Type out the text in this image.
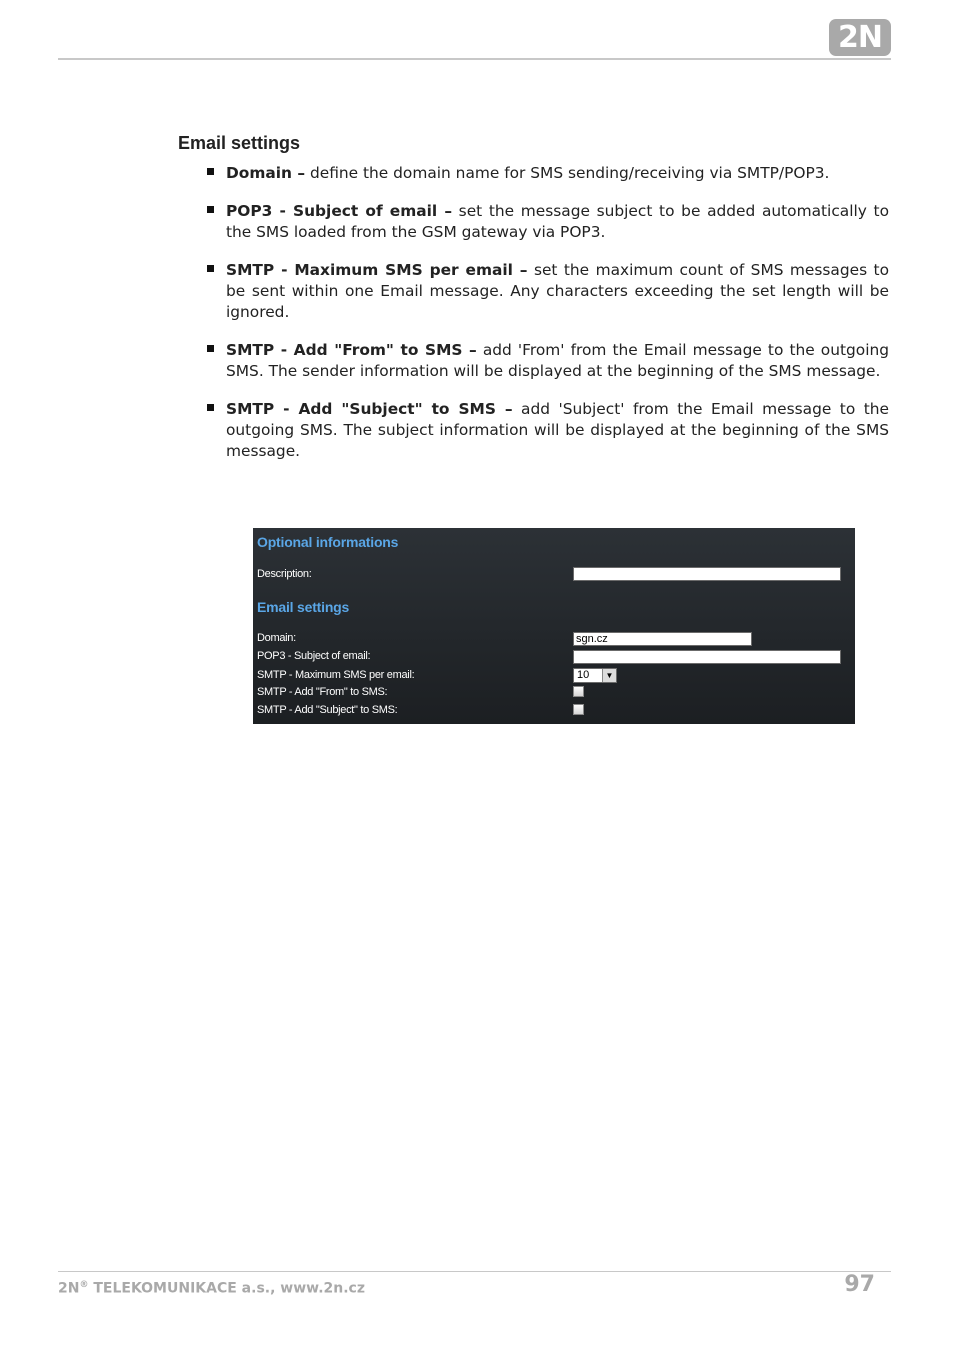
2N
Email settings
Domain – define the domain name for SMS sending/receiving via SMTP/POP3.
POP3 - Subject of email – set the message subject to be added automatically to the SMS loaded from the GSM gateway via POP3.
SMTP - Maximum SMS per email – set the maximum count of SMS messages to be sent within one Email message. Any characters exceeding the set length will be ignored.
SMTP - Add "From" to SMS – add 'From' from the Email message to the outgoing SMS. The sender information will be displayed at the beginning of the SMS message.
SMTP - Add "Subject" to SMS – add 'Subject' from the Email message to the outgoing SMS. The subject information will be displayed at the beginning of the SMS message.
Optional informations
Description:
Email settings
Domain:	sgn.cz
POP3 - Subject of email:
SMTP - Maximum SMS per email:	10	▼
SMTP - Add "From" to SMS:
SMTP - Add "Subject" to SMS:
2N® TELEKOMUNIKACE a.s., www.2n.cz	97
